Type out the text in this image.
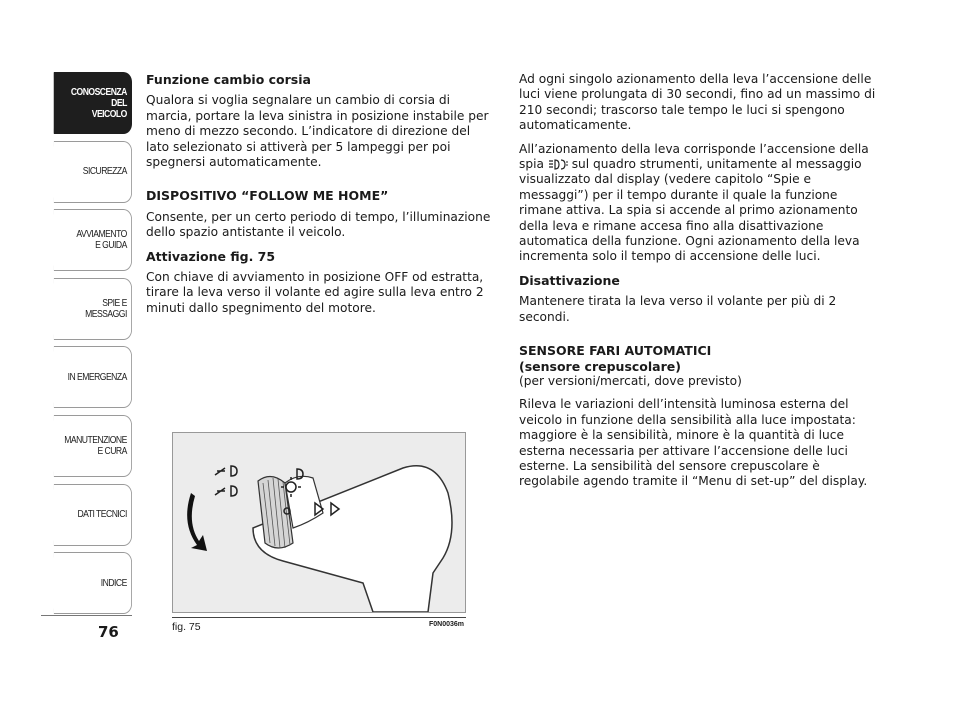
CONOSCENZA
DEL
VEICOLO
SICUREZZA
AVVIAMENTO
E GUIDA
SPIE E
MESSAGGI
IN EMERGENZA
MANUTENZIONE
E CURA
DATI TECNICI
INDICE
76
Funzione cambio corsia

Qualora si voglia segnalare un cambio di corsia di marcia, portare la leva sinistra in posizione instabile per meno di mezzo secondo. L’indicatore di direzione del lato selezionato si attiverà per 5 lampeggi per poi spegnersi automaticamente.

DISPOSITIVO “FOLLOW ME HOME”

Consente, per un certo periodo di tempo, l’illuminazione dello spazio antistante il veicolo.

Attivazione fig. 75

Con chiave di avviamento in posizione OFF od estratta, tirare la leva verso il volante ed agire sulla leva entro 2 minuti dallo spegnimento del motore.

Ad ogni singolo azionamento della leva l’accensione delle luci viene prolungata di 30 secondi, fino ad un massimo di 210 secondi; trascorso tale tempo le luci si spengono automaticamente.

All’azionamento della leva corrisponde l’accensione della spia sul quadro strumenti, unitamente al messaggio visualizzato dal display (vedere capitolo “Spie e messaggi”) per il tempo durante il quale la funzione rimane attiva. La spia si accende al primo azionamento della leva e rimane accesa fino alla disattivazione automatica della funzione. Ogni azionamento della leva incrementa solo il tempo di accensione delle luci.

Disattivazione

Mantenere tirata la leva verso il volante per più di 2 secondi.

SENSORE FARI AUTOMATICI
(sensore crepuscolare)

(per versioni/mercati, dove previsto)

Rileva le variazioni dell’intensità luminosa esterna del veicolo in funzione della sensibilità alla luce impostata: maggiore è la sensibilità, minore è la quantità di luce esterna necessaria per attivare l’accensione delle luci esterne. La sensibilità del sensore crepuscolare è regolabile agendo tramite il “Menu di set-up” del display.

fig. 75	F0N0036m
